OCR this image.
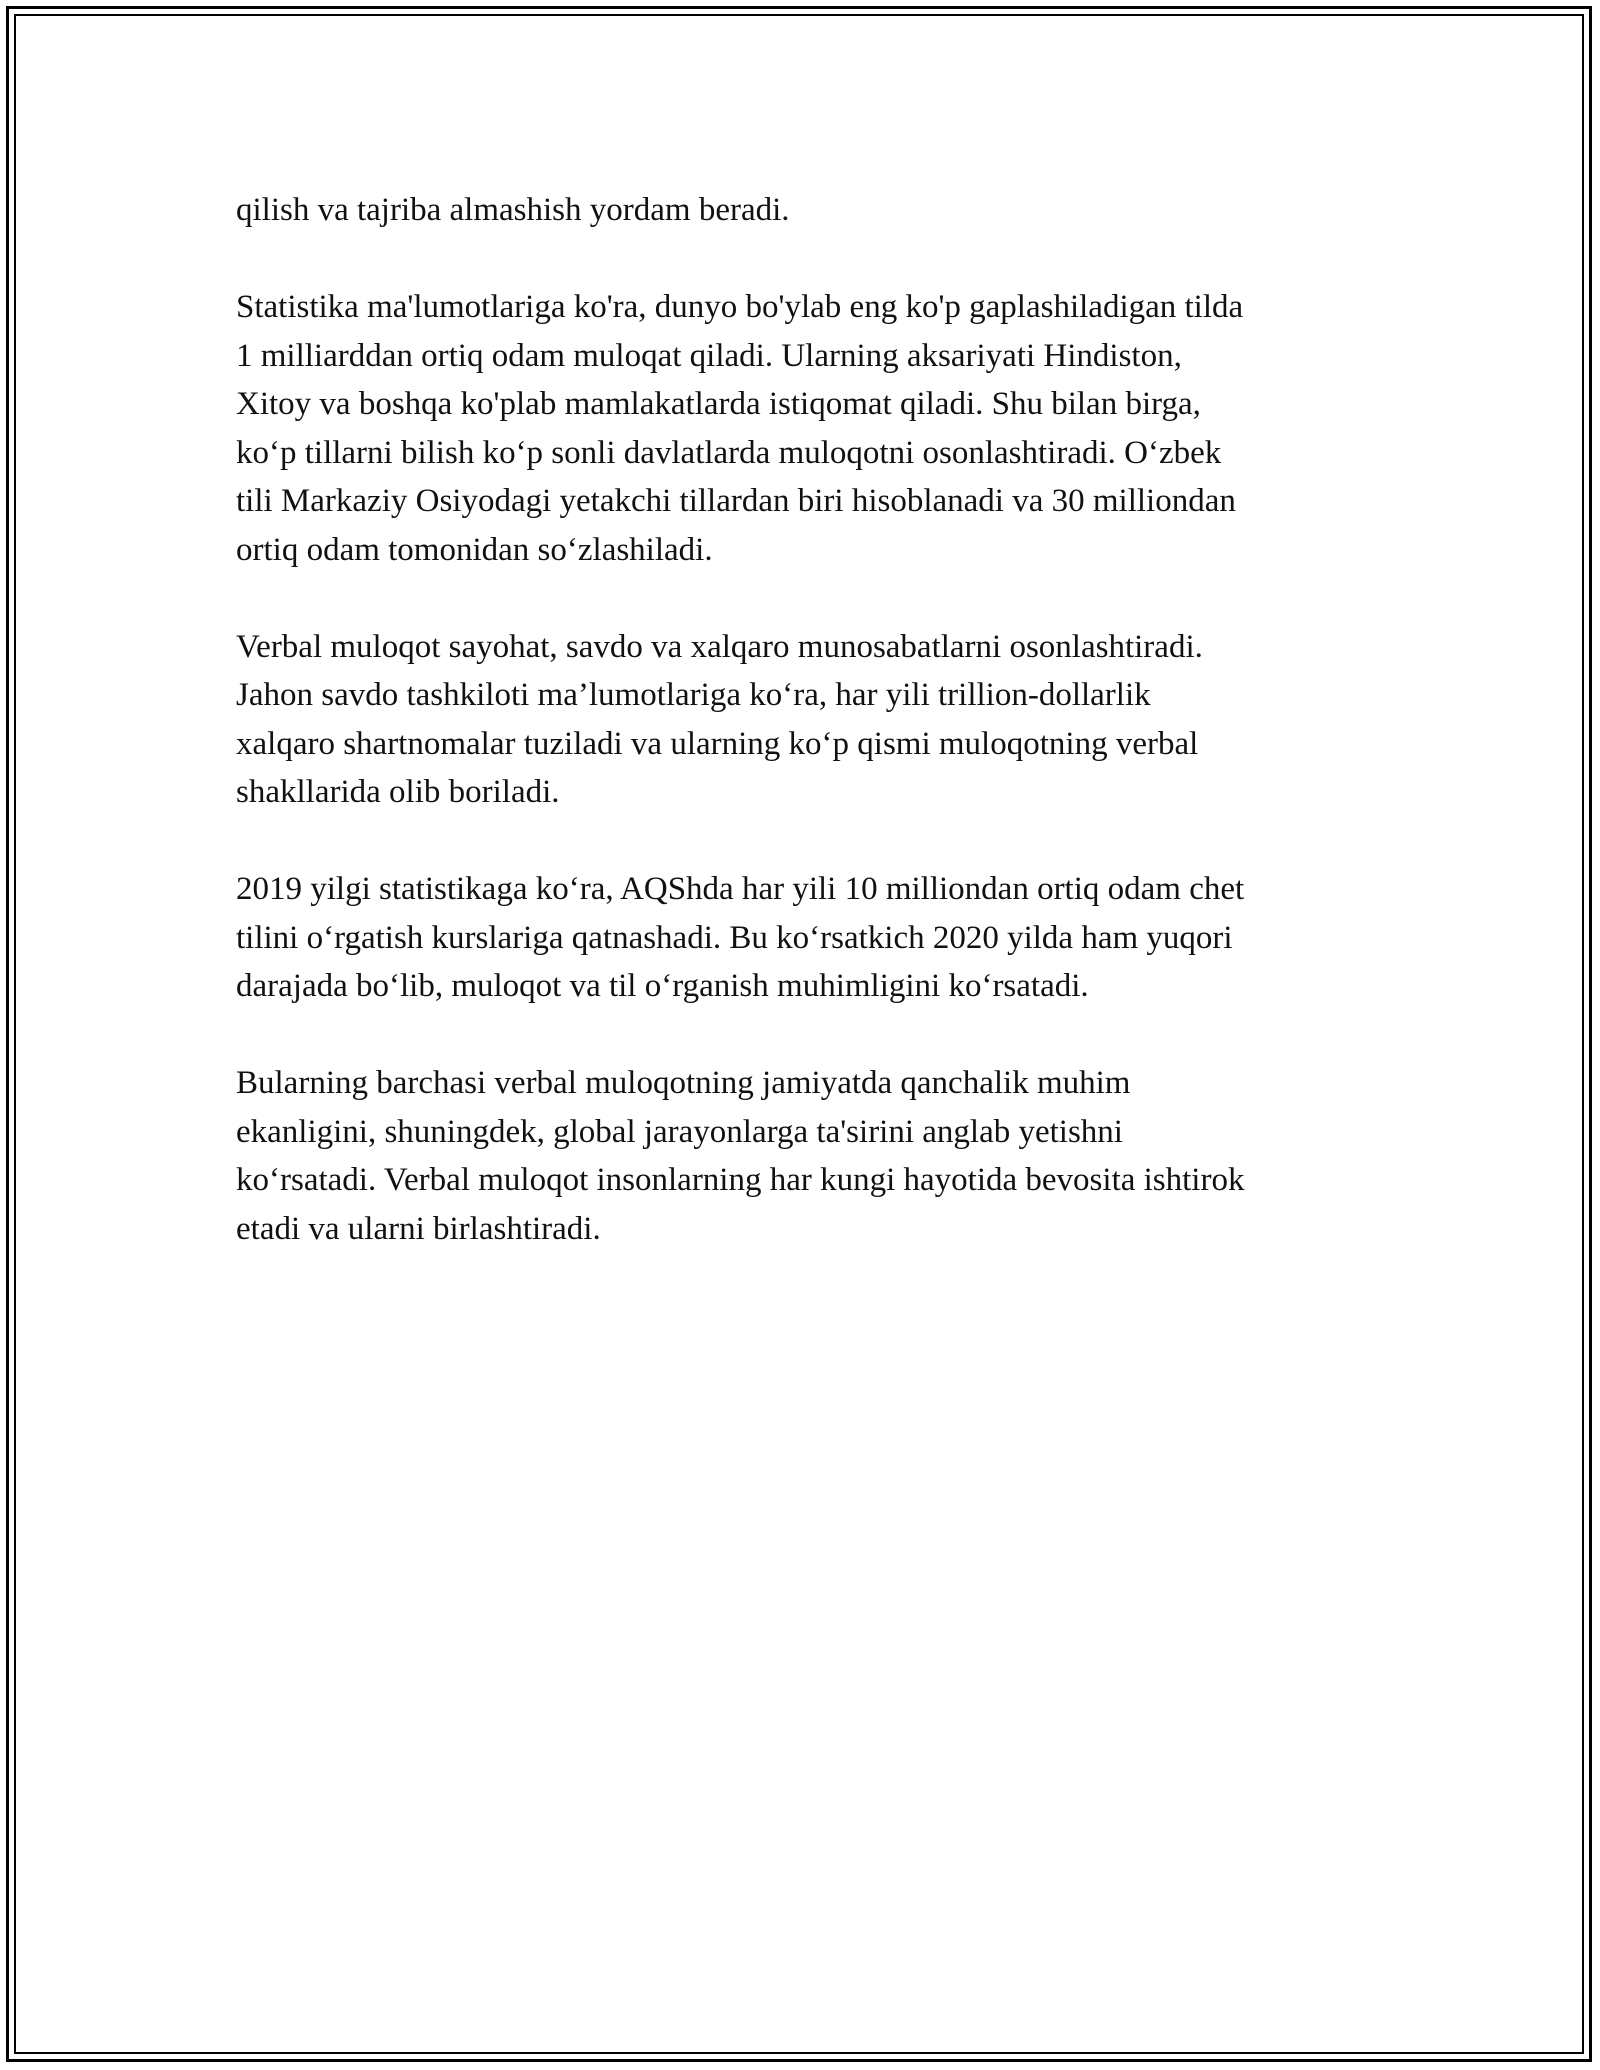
qilish va tajriba almashish yordam beradi.
Statistika ma'lumotlariga ko'ra, dunyo bo'ylab eng ko'p gaplashiladigan tilda
1 milliarddan ortiq odam muloqat qiladi. Ularning aksariyati Hindiston,
Xitoy va boshqa ko'plab mamlakatlarda istiqomat qiladi. Shu bilan birga,
ko‘p tillarni bilish ko‘p sonli davlatlarda muloqotni osonlashtiradi. O‘zbek
tili Markaziy Osiyodagi yetakchi tillardan biri hisoblanadi va 30 milliondan
ortiq odam tomonidan so‘zlashiladi.
Verbal muloqot sayohat, savdo va xalqaro munosabatlarni osonlashtiradi.
Jahon savdo tashkiloti ma’lumotlariga ko‘ra, har yili trillion-dollarlik
xalqaro shartnomalar tuziladi va ularning ko‘p qismi muloqotning verbal
shakllarida olib boriladi.
2019 yilgi statistikaga ko‘ra, AQShda har yili 10 milliondan ortiq odam chet
tilini o‘rgatish kurslariga qatnashadi. Bu ko‘rsatkich 2020 yilda ham yuqori
darajada bo‘lib, muloqot va til o‘rganish muhimligini ko‘rsatadi.
Bularning barchasi verbal muloqotning jamiyatda qanchalik muhim
ekanligini, shuningdek, global jarayonlarga ta'sirini anglab yetishni
ko‘rsatadi. Verbal muloqot insonlarning har kungi hayotida bevosita ishtirok
etadi va ularni birlashtiradi.
